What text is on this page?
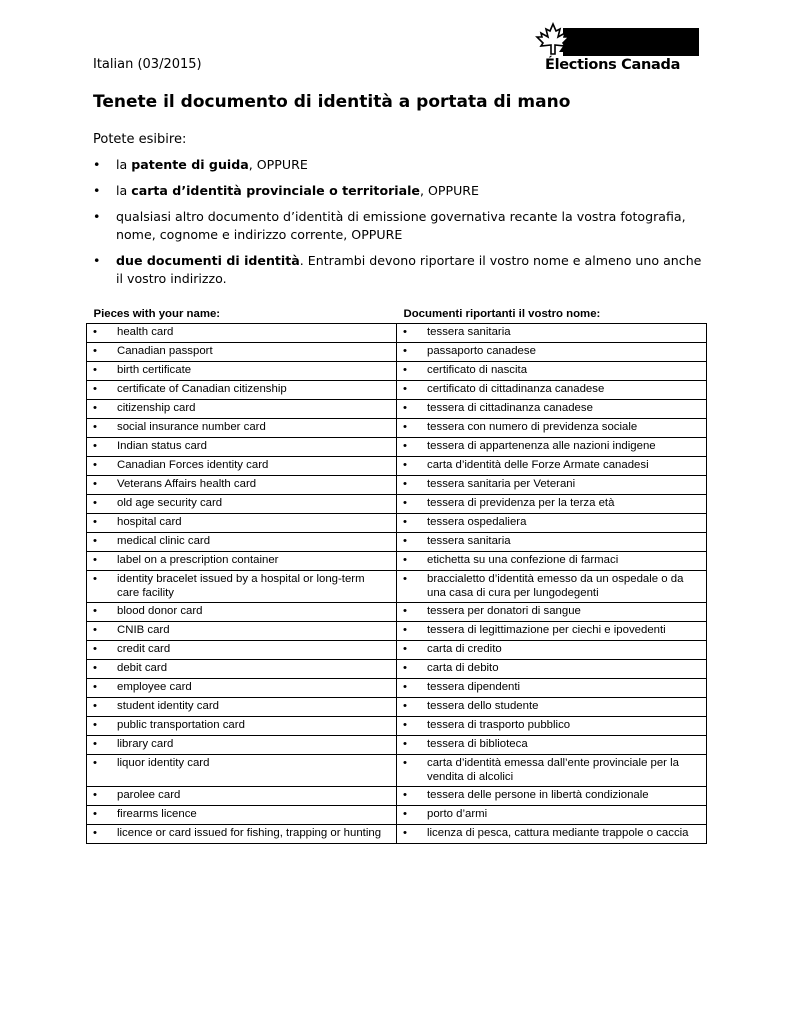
Italian (03/2015)	Élections Canada
Tenete il documento di identità a portata di mano
Potete esibire:
• la patente di guida, OPPURE
• la carta d’identità provinciale o territoriale, OPPURE
• qualsiasi altro documento d’identità di emissione governativa recante la vostra fotografia, nome, cognome e indirizzo corrente, OPPURE
• due documenti di identità. Entrambi devono riportare il vostro nome e almeno uno anche il vostro indirizzo.
Pieces with your name:	Documenti riportanti il vostro nome:
• health card	• tessera sanitaria
• Canadian passport	• passaporto canadese
• birth certificate	• certificato di nascita
• certificate of Canadian citizenship	• certificato di cittadinanza canadese
• citizenship card	• tessera di cittadinanza canadese
• social insurance number card	• tessera con numero di previdenza sociale
• Indian status card	• tessera di appartenenza alle nazioni indigene
• Canadian Forces identity card	• carta d’identità delle Forze Armate canadesi
• Veterans Affairs health card	• tessera sanitaria per Veterani
• old age security card	• tessera di previdenza per la terza età
• hospital card	• tessera ospedaliera
• medical clinic card	• tessera sanitaria
• label on a prescription container	• etichetta su una confezione di farmaci
• identity bracelet issued by a hospital or long-term care facility	• braccialetto d’identità emesso da un ospedale o da una casa di cura per lungodegenti
• blood donor card	• tessera per donatori di sangue
• CNIB card	• tessera di legittimazione per ciechi e ipovedenti
• credit card	• carta di credito
• debit card	• carta di debito
• employee card	• tessera dipendenti
• student identity card	• tessera dello studente
• public transportation card	• tessera di trasporto pubblico
• library card	• tessera di biblioteca
• liquor identity card	• carta d’identità emessa dall’ente provinciale per la vendita di alcolici
• parolee card	• tessera delle persone in libertà condizionale
• firearms licence	• porto d’armi
• licence or card issued for fishing, trapping or hunting	• licenza di pesca, cattura mediante trappole o caccia
